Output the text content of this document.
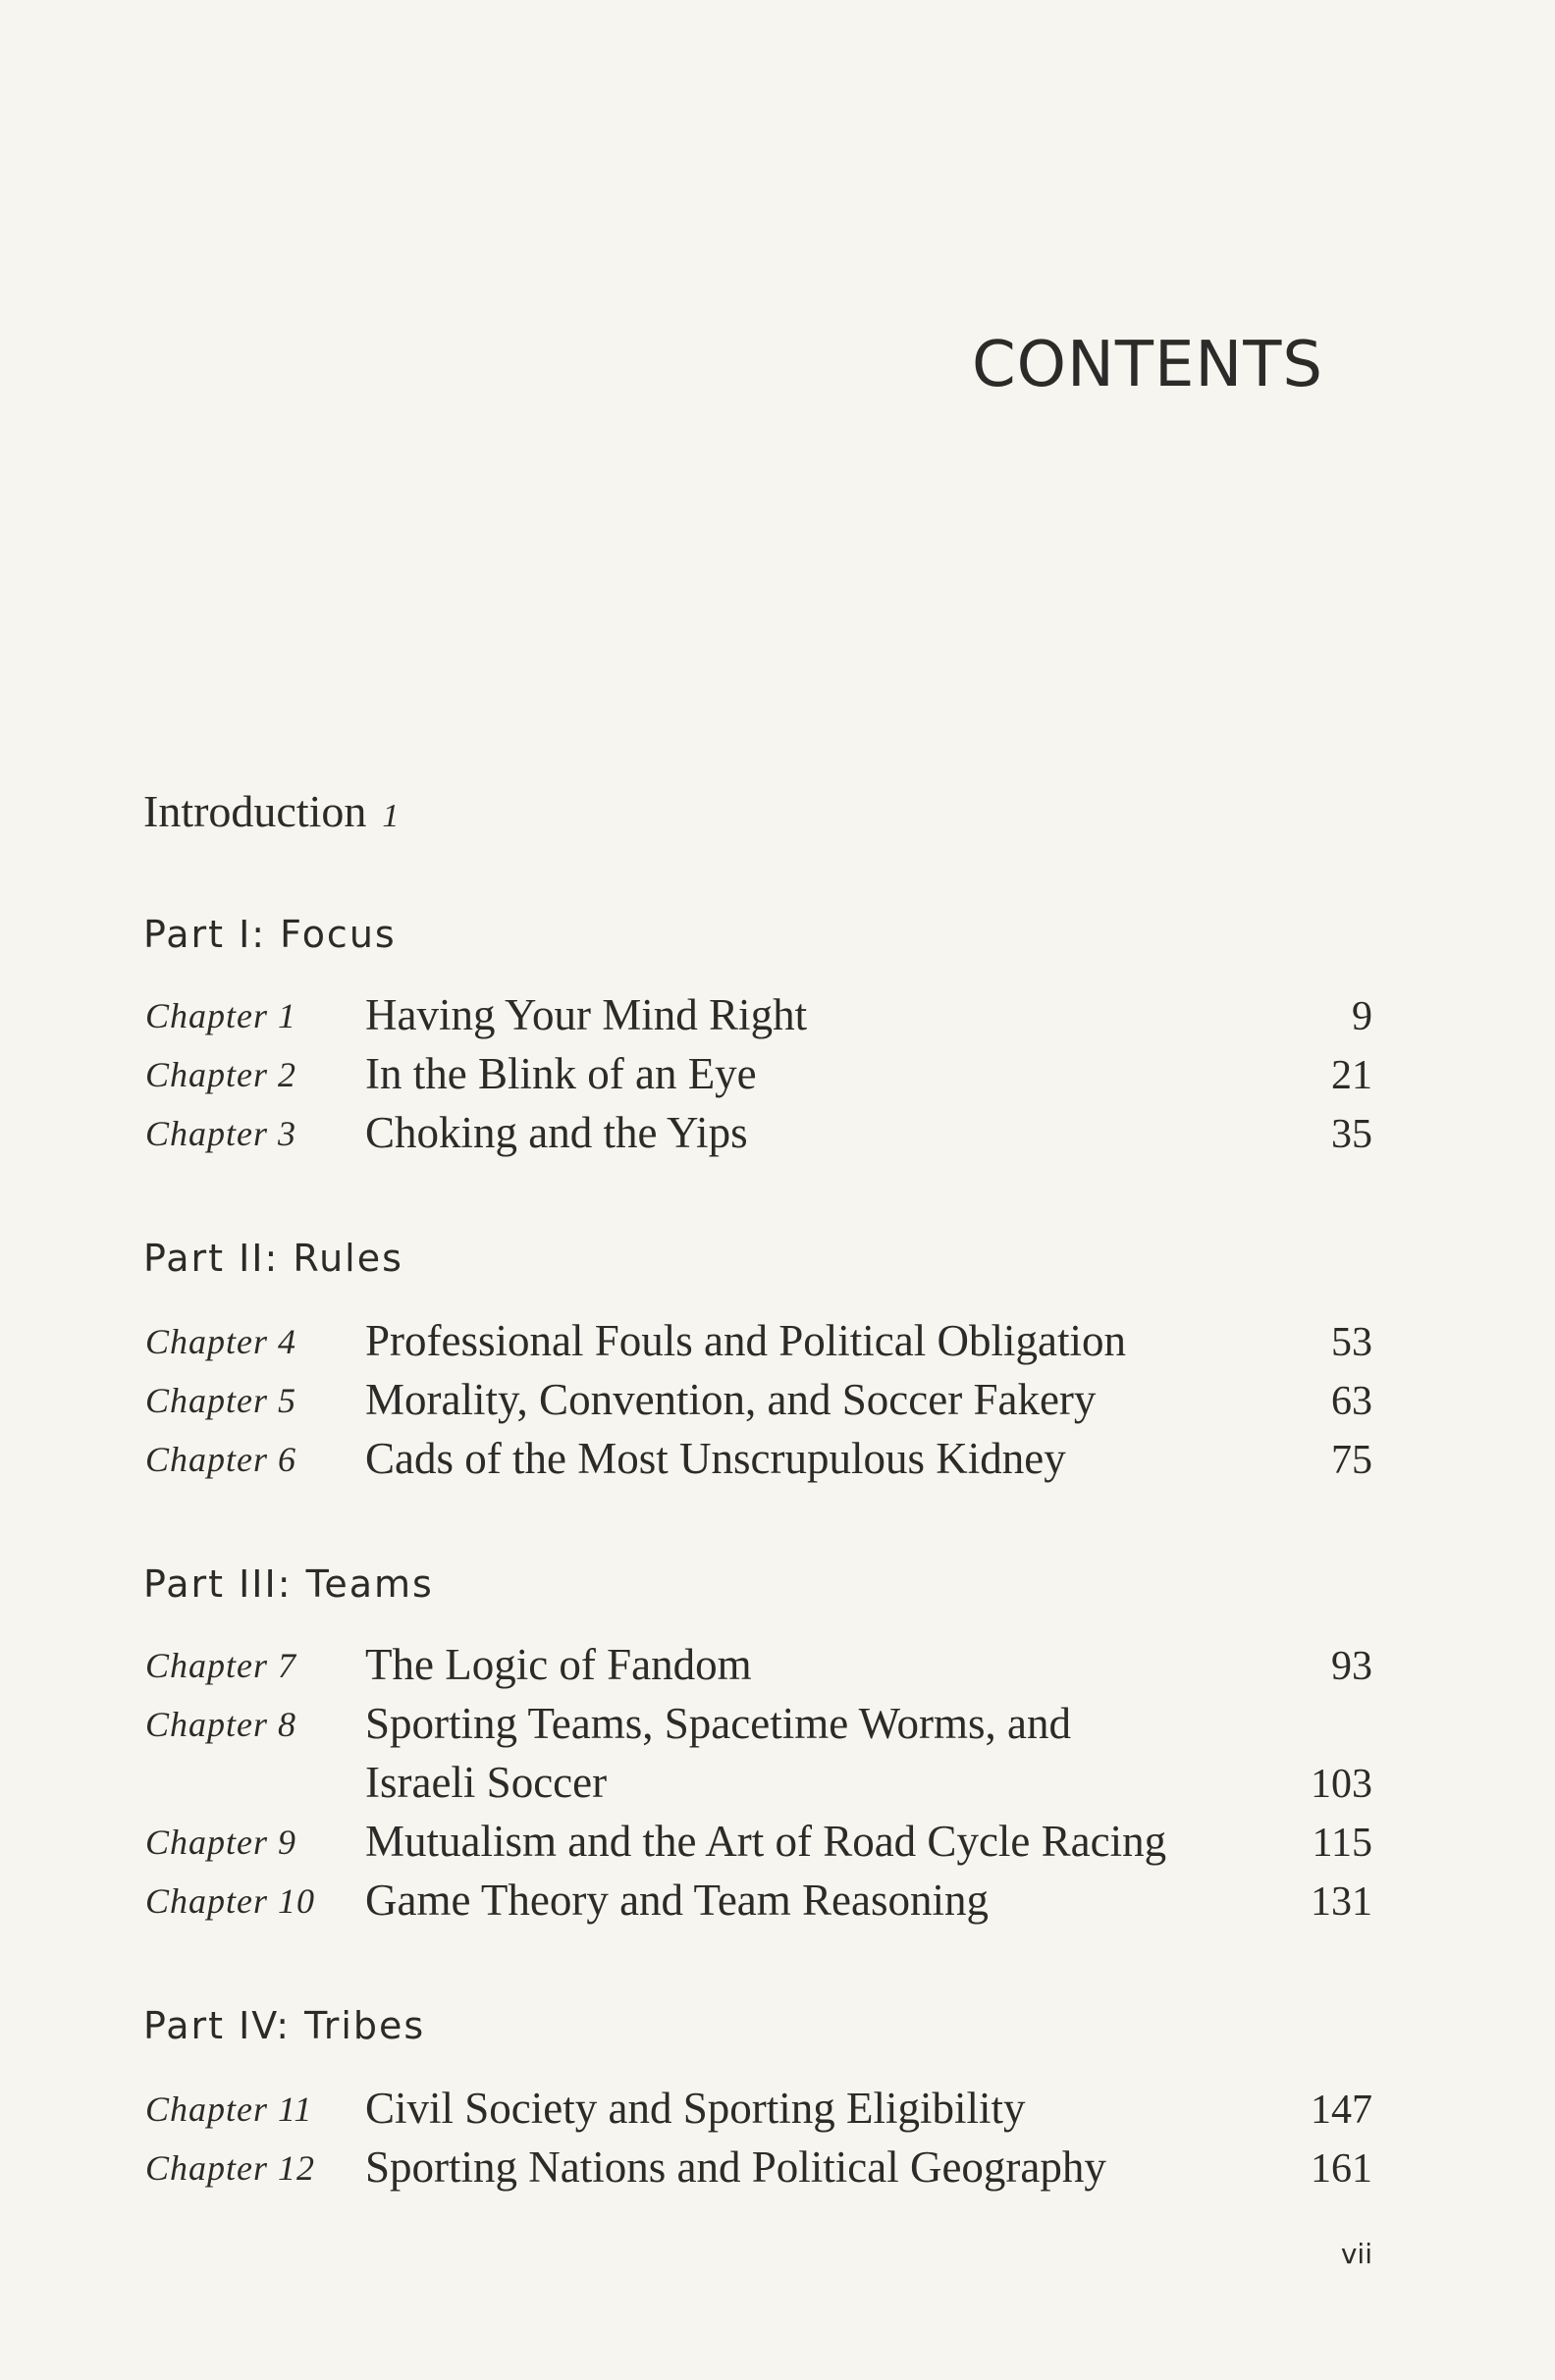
CONTENTS
Introduction 1
Part I: Focus
Chapter 1 Having Your Mind Right	9
Chapter 2 In the Blink of an Eye	21
Chapter 3 Choking and the Yips	35
Part II: Rules
Chapter 4 Professional Fouls and Political Obligation	53
Chapter 5 Morality, Convention, and Soccer Fakery	63
Chapter 6 Cads of the Most Unscrupulous Kidney	75
Part III: Teams
Chapter 7 The Logic of Fandom	93
Chapter 8 Sporting Teams, Spacetime Worms, and
Israeli Soccer	103
Chapter 9 Mutualism and the Art of Road Cycle Racing	115
Chapter 10 Game Theory and Team Reasoning	131
Part IV: Tribes
Chapter 11 Civil Society and Sporting Eligibility	147
Chapter 12 Sporting Nations and Political Geography	161
vii
